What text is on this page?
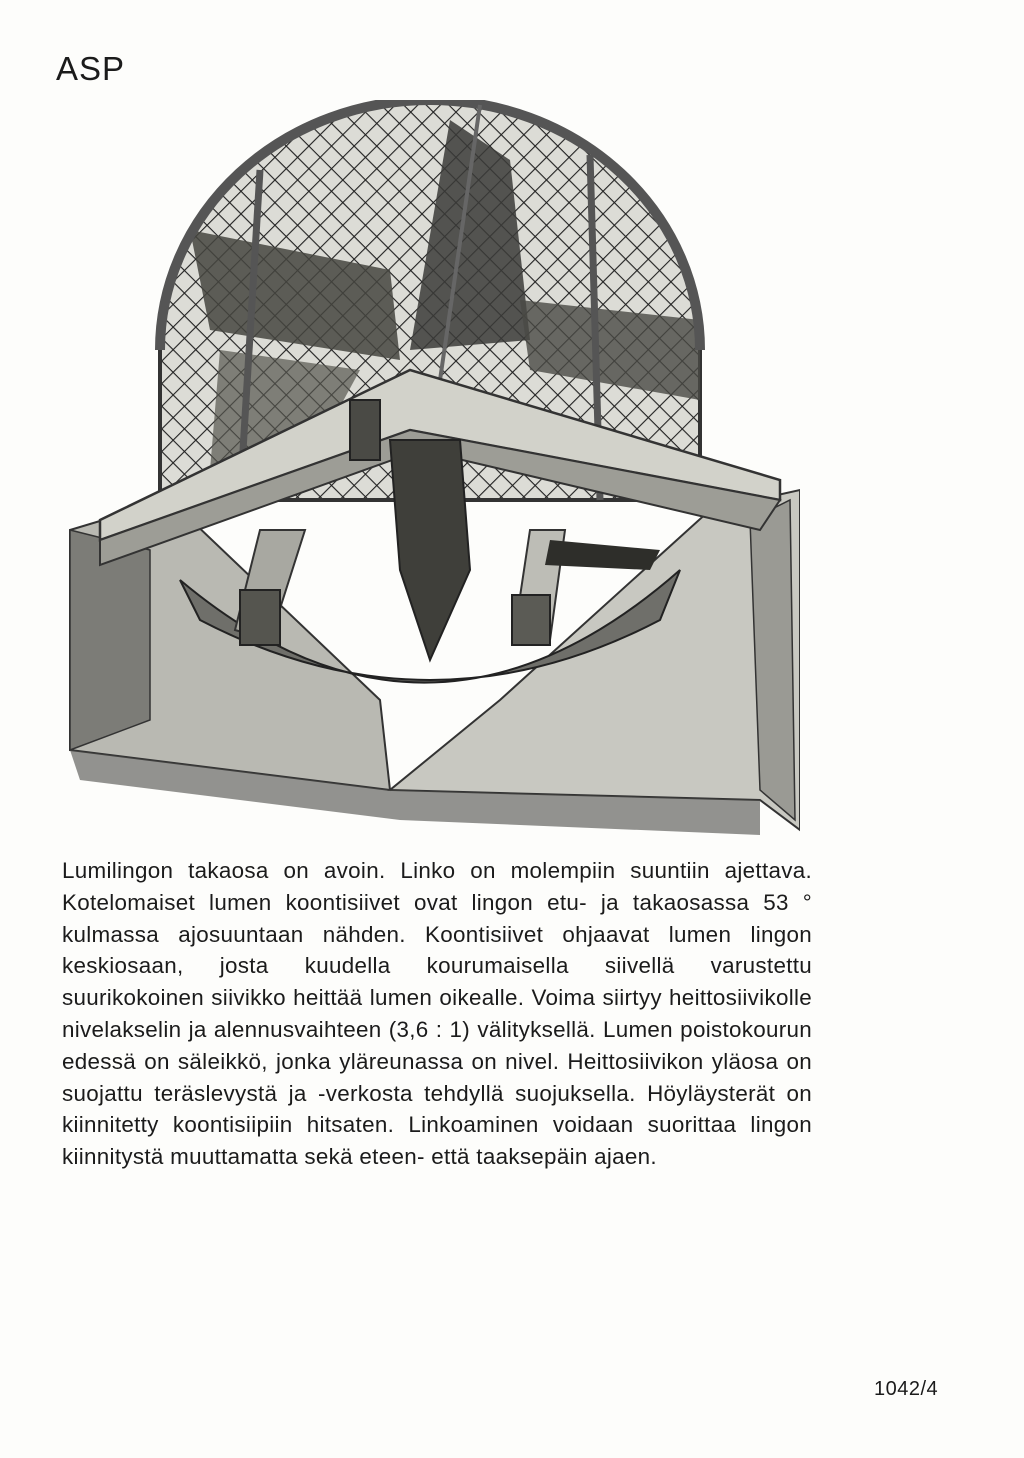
ASP

Lumilingon takaosa on avoin. Linko on molempiin suuntiin ajettava. Kotelomaiset lumen koontisiivet ovat lingon etu- ja takaosassa 53 ° kulmassa ajosuuntaan nähden. Koontisiivet ohjaavat lumen lingon keskiosaan, josta kuudella kourumaisella siivellä varustettu suurikokoinen siivikko heittää lumen oikealle. Voima siirtyy heittosiivikolle nivelakselin ja alennusvaihteen (3,6 : 1) välityksellä. Lumen poistokourun edessä on säleikkö, jonka yläreunassa on nivel. Heittosiivikon yläosa on suojattu teräslevystä ja -verkosta tehdyllä suojuksella. Höyläysterät on kiinnitetty koontisiipiin hitsaten. Linkoaminen voidaan suorittaa lingon kiinnitystä muuttamatta sekä eteen- että taaksepäin ajaen.

1042/4
